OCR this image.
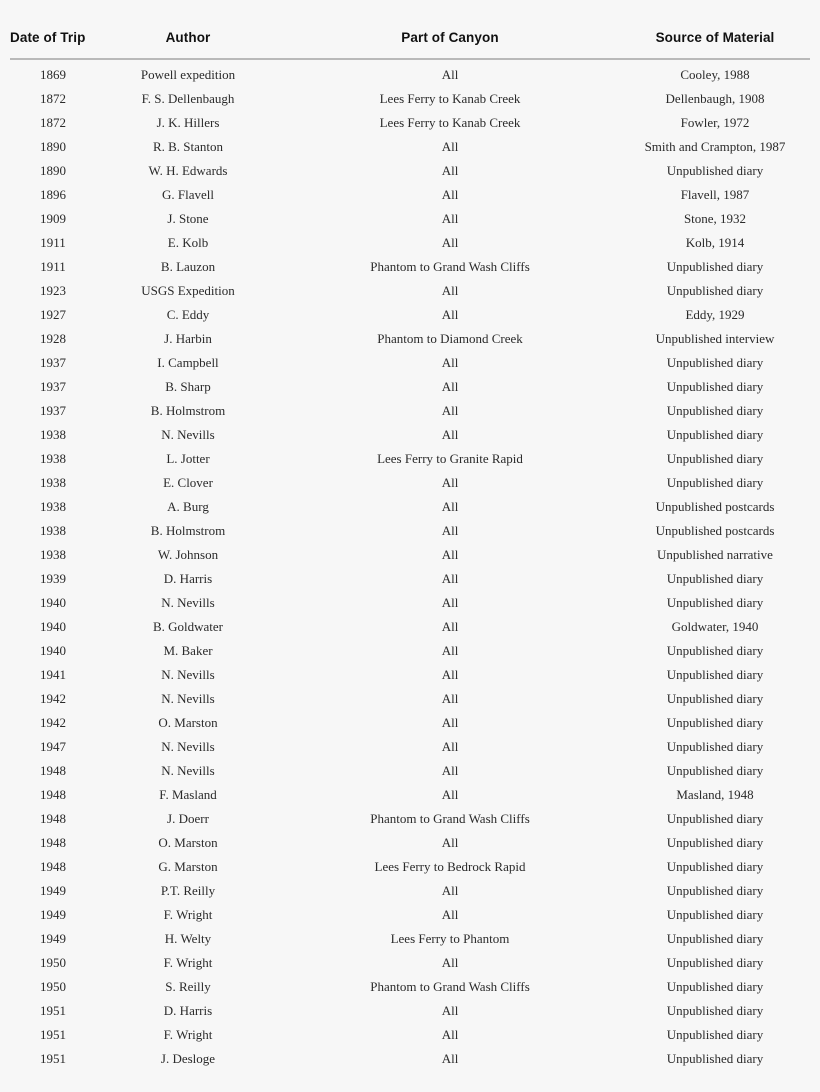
Date of Trip	Author	Part of Canyon	Source of Material
1869	Powell expedition	All	Cooley, 1988
1872	F. S. Dellenbaugh	Lees Ferry to Kanab Creek	Dellenbaugh, 1908
1872	J. K. Hillers	Lees Ferry to Kanab Creek	Fowler, 1972
1890	R. B. Stanton	All	Smith and Crampton, 1987
1890	W. H. Edwards	All	Unpublished diary
1896	G. Flavell	All	Flavell, 1987
1909	J. Stone	All	Stone, 1932
1911	E. Kolb	All	Kolb, 1914
1911	B. Lauzon	Phantom to Grand Wash Cliffs	Unpublished diary
1923	USGS Expedition	All	Unpublished diary
1927	C. Eddy	All	Eddy, 1929
1928	J. Harbin	Phantom to Diamond Creek	Unpublished interview
1937	I. Campbell	All	Unpublished diary
1937	B. Sharp	All	Unpublished diary
1937	B. Holmstrom	All	Unpublished diary
1938	N. Nevills	All	Unpublished diary
1938	L. Jotter	Lees Ferry to Granite Rapid	Unpublished diary
1938	E. Clover	All	Unpublished diary
1938	A. Burg	All	Unpublished postcards
1938	B. Holmstrom	All	Unpublished postcards
1938	W. Johnson	All	Unpublished narrative
1939	D. Harris	All	Unpublished diary
1940	N. Nevills	All	Unpublished diary
1940	B. Goldwater	All	Goldwater, 1940
1940	M. Baker	All	Unpublished diary
1941	N. Nevills	All	Unpublished diary
1942	N. Nevills	All	Unpublished diary
1942	O. Marston	All	Unpublished diary
1947	N. Nevills	All	Unpublished diary
1948	N. Nevills	All	Unpublished diary
1948	F. Masland	All	Masland, 1948
1948	J. Doerr	Phantom to Grand Wash Cliffs	Unpublished diary
1948	O. Marston	All	Unpublished diary
1948	G. Marston	Lees Ferry to Bedrock Rapid	Unpublished diary
1949	P.T. Reilly	All	Unpublished diary
1949	F. Wright	All	Unpublished diary
1949	H. Welty	Lees Ferry to Phantom	Unpublished diary
1950	F. Wright	All	Unpublished diary
1950	S. Reilly	Phantom to Grand Wash Cliffs	Unpublished diary
1951	D. Harris	All	Unpublished diary
1951	F. Wright	All	Unpublished diary
1951	J. Desloge	All	Unpublished diary
